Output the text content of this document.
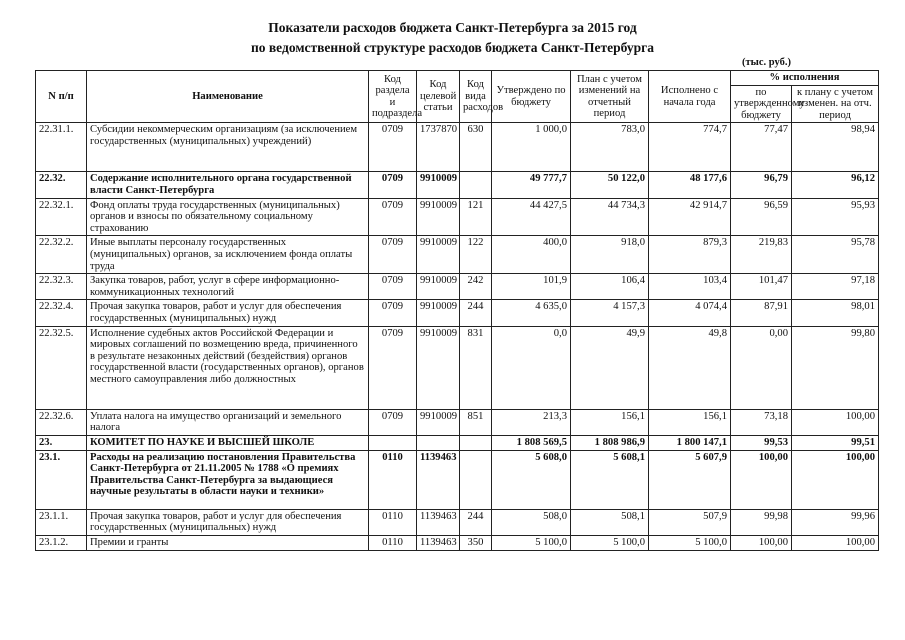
Показатели расходов бюджета Санкт-Петербурга за 2015 год
по ведомственной структуре расходов бюджета Санкт-Петербурга
(тыс. руб.)
N п/п	Наименование	Код раздела и подраздела	Код целевой статьи	Код вида расходов	Утверждено по бюджету	План с учетом изменений на отчетный период	Исполнено с начала года	% исполнения	
								по утвержденному бюджету	к плану с учетом изменен. на отч. период
22.31.1.	Субсидии некоммерческим организациям (за исключением государственных (муниципальных) учреждений)	0709	1737870	630	1 000,0	783,0	774,7	77,47	98,94
22.32.	Содержание исполнительного органа государственной власти Санкт-Петербурга	0709	9910009		49 777,7	50 122,0	48 177,6	96,79	96,12
22.32.1.	Фонд оплаты труда государственных (муниципальных) органов и взносы по обязательному социальному страхованию	0709	9910009	121	44 427,5	44 734,3	42 914,7	96,59	95,93
22.32.2.	Иные выплаты персоналу государственных (муниципальных) органов, за исключением фонда оплаты труда	0709	9910009	122	400,0	918,0	879,3	219,83	95,78
22.32.3.	Закупка товаров, работ, услуг в сфере информационно-коммуникационных технологий	0709	9910009	242	101,9	106,4	103,4	101,47	97,18
22.32.4.	Прочая закупка товаров, работ и услуг для обеспечения государственных (муниципальных) нужд	0709	9910009	244	4 635,0	4 157,3	4 074,4	87,91	98,01
22.32.5.	Исполнение судебных актов Российской Федерации и мировых соглашений по возмещению вреда, причиненного в результате незаконных действий (бездействия) органов государственной власти (государственных органов), органов местного самоуправления либо должностных	0709	9910009	831	0,0	49,9	49,8	0,00	99,80
22.32.6.	Уплата налога на имущество организаций и земельного налога	0709	9910009	851	213,3	156,1	156,1	73,18	100,00
23.	КОМИТЕТ ПО НАУКЕ И ВЫСШЕЙ ШКОЛЕ				1 808 569,5	1 808 986,9	1 800 147,1	99,53	99,51
23.1.	Расходы на реализацию постановления Правительства Санкт-Петербурга от 21.11.2005 № 1788 «О премиях Правительства Санкт-Петербурга за выдающиеся научные результаты в области науки и техники»	0110	1139463		5 608,0	5 608,1	5 607,9	100,00	100,00
23.1.1.	Прочая закупка товаров, работ и услуг для обеспечения государственных (муниципальных) нужд	0110	1139463	244	508,0	508,1	507,9	99,98	99,96
23.1.2.	Премии и гранты	0110	1139463	350	5 100,0	5 100,0	5 100,0	100,00	100,00
